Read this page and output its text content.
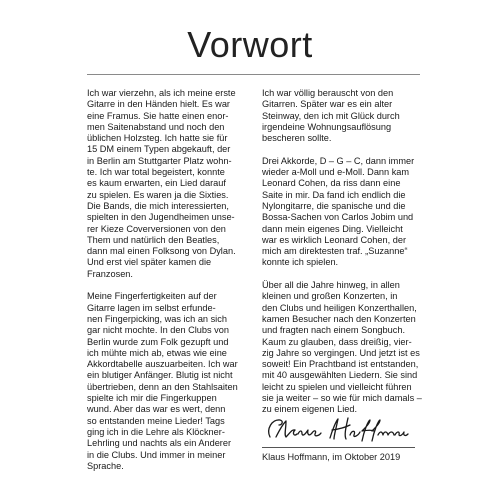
Vorwort
Ich war vierzehn, als ich meine erste
Gitarre in den Händen hielt. Es war
eine Framus. Sie hatte einen enor-
men Saitenabstand und noch den
üblichen Holzsteg. Ich hatte sie für
15 DM einem Typen abgekauft, der
in Berlin am Stuttgarter Platz wohn-
te. Ich war total begeistert, konnte
es kaum erwarten, ein Lied darauf
zu spielen. Es waren ja die Sixties.
Die Bands, die mich interessierten,
spielten in den Jugendheimen unse-
rer Kieze Coverversionen von den
Them und natürlich den Beatles,
dann mal einen Folksong von Dylan.
Und erst viel später kamen die
Franzosen.
Meine Fingerfertigkeiten auf der
Gitarre lagen im selbst erfunde-
nen Fingerpicking, was ich an sich
gar nicht mochte. In den Clubs von
Berlin wurde zum Folk gezupft und
ich mühte mich ab, etwas wie eine
Akkordtabelle auszuarbeiten. Ich war
ein blutiger Anfänger. Blutig ist nicht
übertrieben, denn an den Stahlsaiten
spielte ich mir die Fingerkuppen
wund. Aber das war es wert, denn
so entstanden meine Lieder! Tags
ging ich in die Lehre als Klöckner-
Lehrling und nachts als ein Anderer
in die Clubs. Und immer in meiner
Sprache.
Ich war völlig berauscht von den
Gitarren. Später war es ein alter
Steinway, den ich mit Glück durch
irgendeine Wohnungsauflösung
bescheren sollte.
Drei Akkorde, D – G – C, dann immer
wieder a-Moll und e-Moll. Dann kam
Leonard Cohen, da riss dann eine
Saite in mir. Da fand ich endlich die
Nylongitarre, die spanische und die
Bossa-Sachen von Carlos Jobim und
dann mein eigenes Ding. Vielleicht
war es wirklich Leonard Cohen, der
mich am direktesten traf. „Suzanne“
konnte ich spielen.
Über all die Jahre hinweg, in allen
kleinen und großen Konzerten, in
den Clubs und heiligen Konzerthallen,
kamen Besucher nach den Konzerten
und fragten nach einem Songbuch.
Kaum zu glauben, dass dreißig, vier-
zig Jahre so vergingen. Und jetzt ist es
soweit! Ein Prachtband ist entstanden,
mit 40 ausgewählten Liedern. Sie sind
leicht zu spielen und vielleicht führen
sie ja weiter – so wie für mich damals –
zu einem eigenen Lied.
Klaus Hoffmann, im Oktober 2019
